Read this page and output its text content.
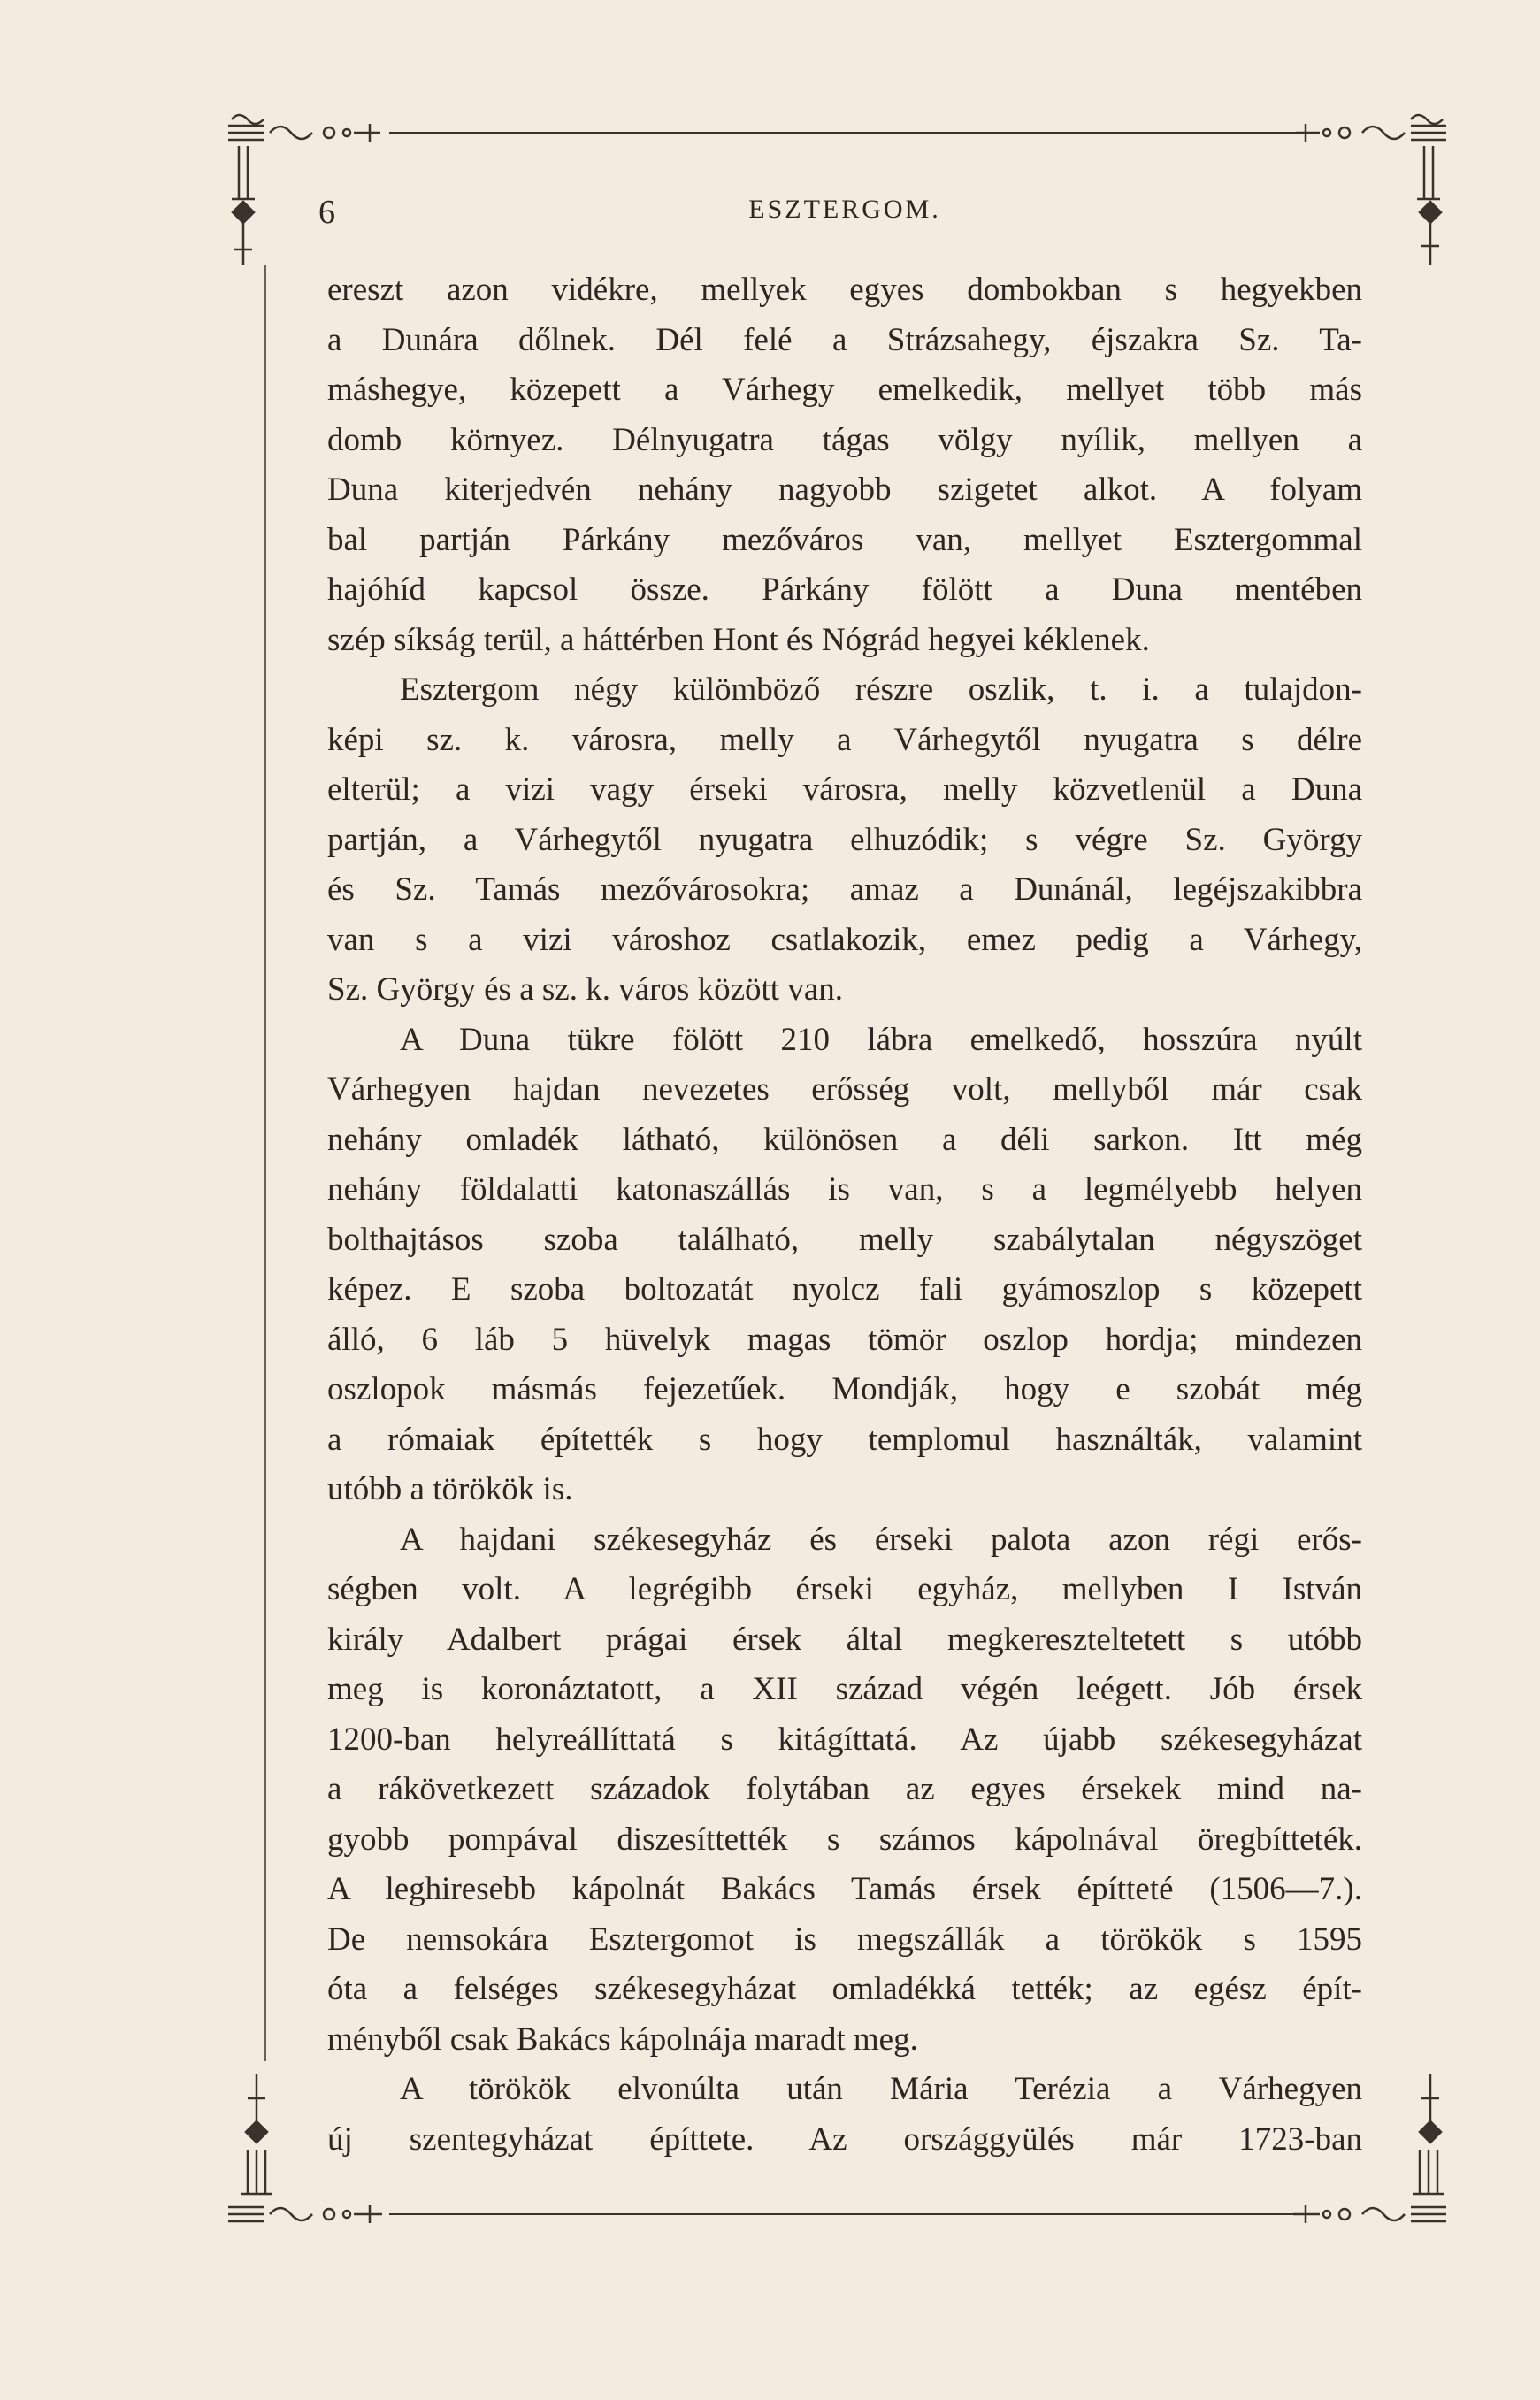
6	ESZTERGOM.
ereszt azon vidékre, mellyek egyes dombokban s hegyekben
a Dunára dőlnek. Dél felé a Strázsahegy, éjszakra Sz. Ta-
máshegye, közepett a Várhegy emelkedik, mellyet több más
domb környez. Délnyugatra tágas völgy nyílik, mellyen a
Duna kiterjedvén nehány nagyobb szigetet alkot. A folyam
bal partján Párkány mezőváros van, mellyet Esztergommal
hajóhíd kapcsol össze. Párkány fölött a Duna mentében
szép síkság terül, a háttérben Hont és Nógrád hegyei kéklenek.
Esztergom négy külömböző részre oszlik, t. i. a tulajdon-
képi sz. k. városra, melly a Várhegytől nyugatra s délre
elterül; a vizi vagy érseki városra, melly közvetlenül a Duna
partján, a Várhegytől nyugatra elhuzódik; s végre Sz. György
és Sz. Tamás mezővárosokra; amaz a Dunánál, legéjszakibbra
van s a vizi városhoz csatlakozik, emez pedig a Várhegy,
Sz. György és a sz. k. város között van.
A Duna tükre fölött 210 lábra emelkedő, hosszúra nyúlt
Várhegyen hajdan nevezetes erősség volt, mellyből már csak
nehány omladék látható, különösen a déli sarkon. Itt még
nehány földalatti katonaszállás is van, s a legmélyebb helyen
bolthajtásos szoba található, melly szabálytalan négyszöget
képez. E szoba boltozatát nyolcz fali gyámoszlop s közepett
álló, 6 láb 5 hüvelyk magas tömör oszlop hordja; mindezen
oszlopok másmás fejezetűek. Mondják, hogy e szobát még
a rómaiak építették s hogy templomul használták, valamint
utóbb a törökök is.
A hajdani székesegyház és érseki palota azon régi erős-
ségben volt. A legrégibb érseki egyház, mellyben I István
király Adalbert prágai érsek által megkereszteltetett s utóbb
meg is koronáztatott, a XII század végén leégett. Jób érsek
1200-ban helyreállíttatá s kitágíttatá. Az újabb székesegyházat
a rákövetkezett századok folytában az egyes érsekek mind na-
gyobb pompával diszesíttették s számos kápolnával öregbítteték.
A leghiresebb kápolnát Bakács Tamás érsek építteté (1506—7.).
De nemsokára Esztergomot is megszállák a törökök s 1595
óta a felséges székesegyházat omladékká tették; az egész épít-
ményből csak Bakács kápolnája maradt meg.
A törökök elvonúlta után Mária Terézia a Várhegyen
új szentegyházat építtete. Az országgyülés már 1723-ban
